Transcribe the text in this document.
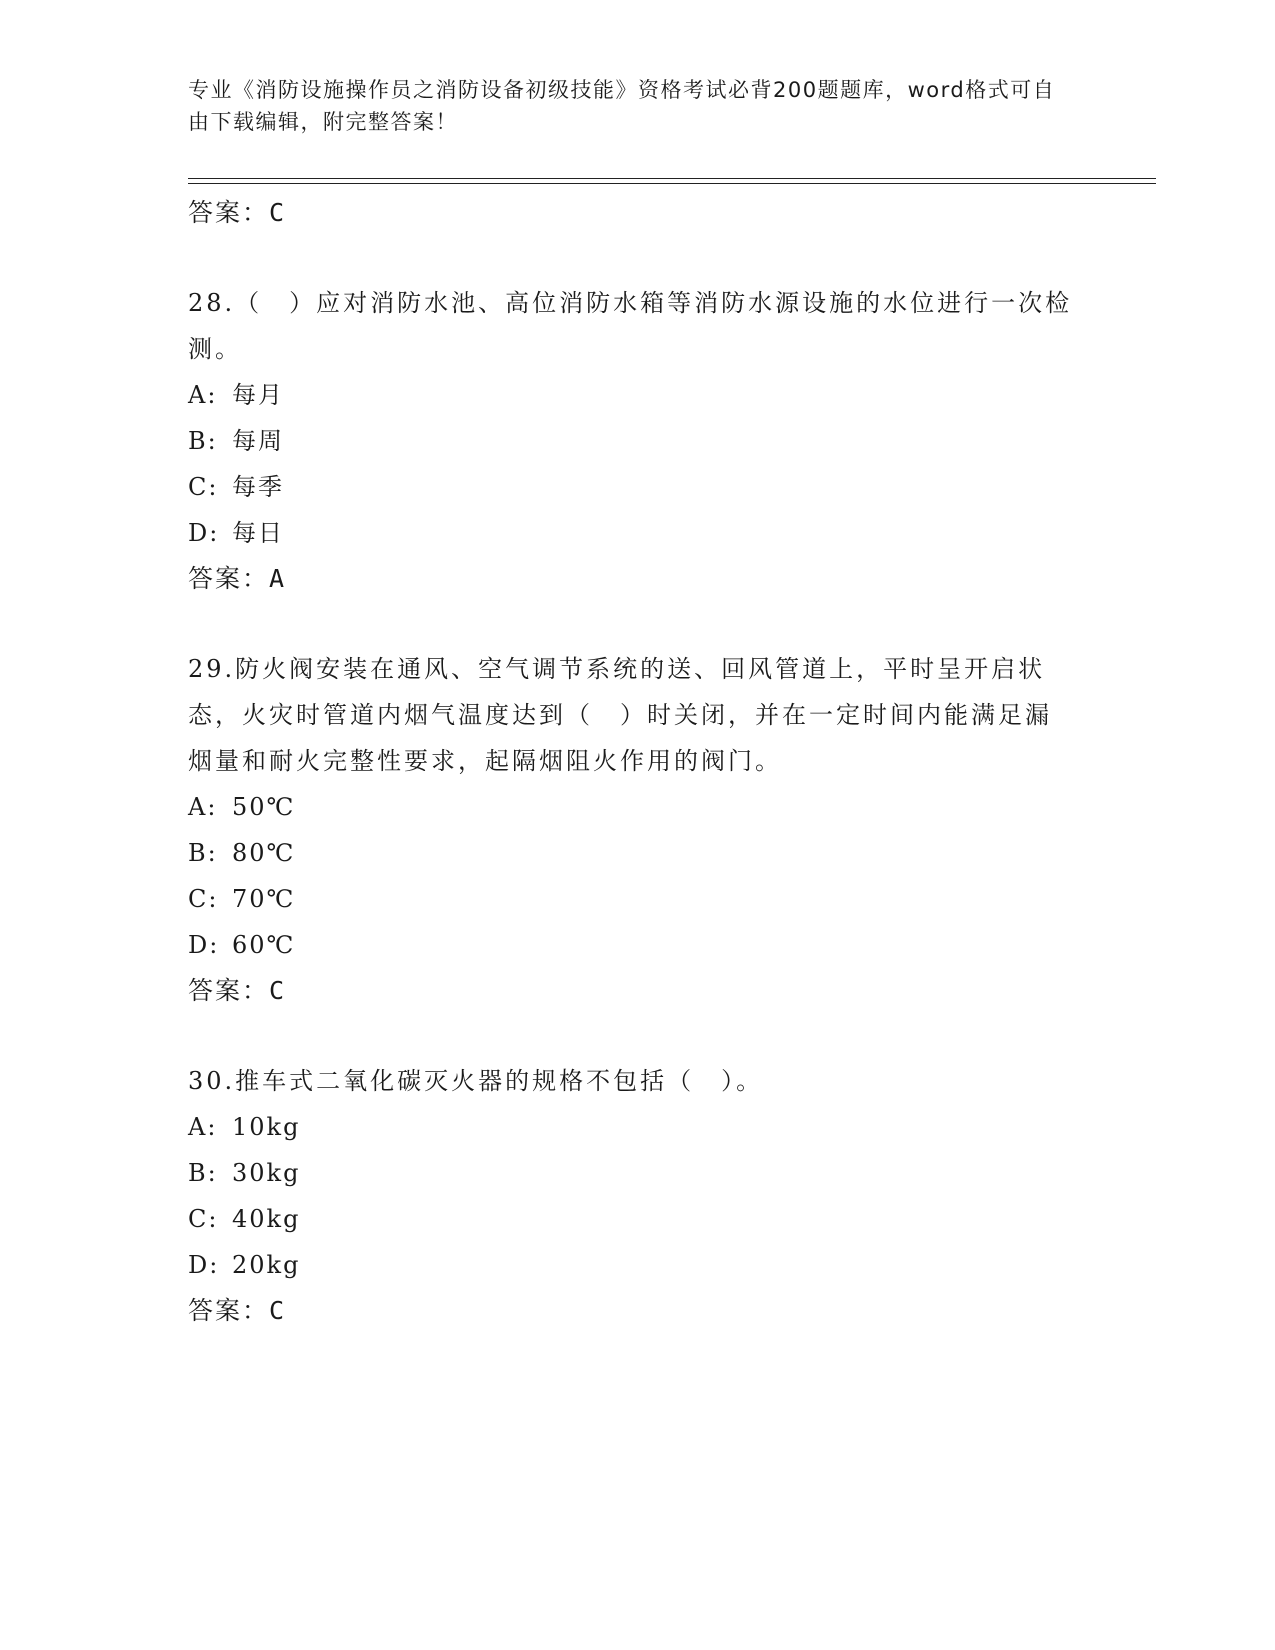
专业《消防设施操作员之消防设备初级技能》资格考试必背200题题库，word格式可自由下载编辑，附完整答案！
答案：C
28.（　）应对消防水池、高位消防水箱等消防水源设施的水位进行一次检测。
A: 每月
B: 每周
C: 每季
D: 每日
答案：A
29.防火阀安装在通风、空气调节系统的送、回风管道上，平时呈开启状态，火灾时管道内烟气温度达到（　）时关闭，并在一定时间内能满足漏烟量和耐火完整性要求，起隔烟阻火作用的阀门。
A: 50℃
B: 80℃
C: 70℃
D: 60℃
答案：C
30.推车式二氧化碳灭火器的规格不包括（　）。
A: 10kg
B: 30kg
C: 40kg
D: 20kg
答案：C
